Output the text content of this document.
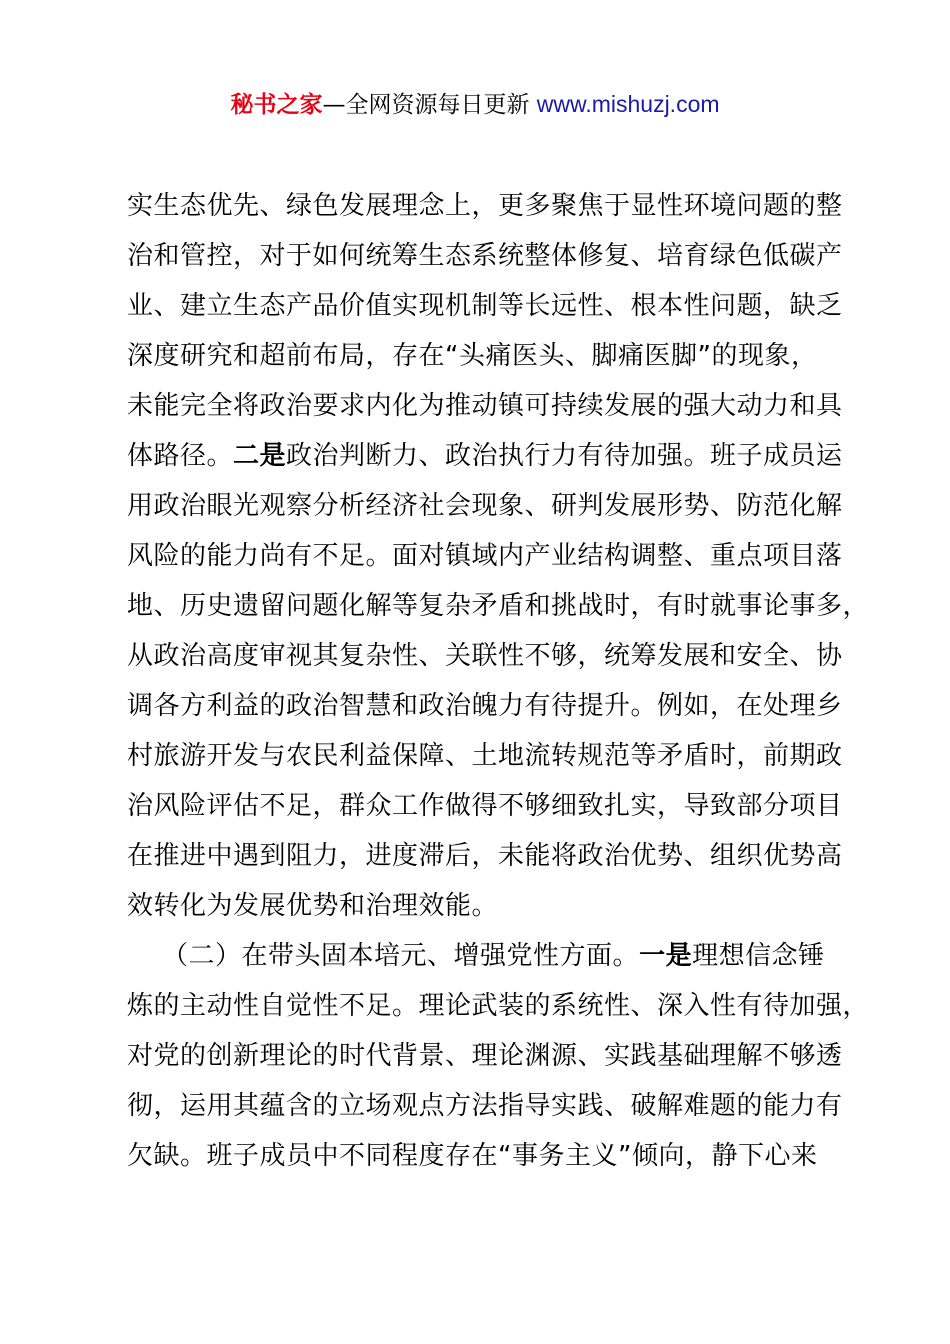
秘书之家—全网资源每日更新 www.mishuzj.com
实生态优先、绿色发展理念上，更多聚焦于显性环境问题的整
治和管控，对于如何统筹生态系统整体修复、培育绿色低碳产
业、建立生态产品价值实现机制等长远性、根本性问题，缺乏
深度研究和超前布局，存在“头痛医头、脚痛医脚”的现象，
未能完全将政治要求内化为推动镇可持续发展的强大动力和具
体路径。二是政治判断力、政治执行力有待加强。班子成员运
用政治眼光观察分析经济社会现象、研判发展形势、防范化解
风险的能力尚有不足。面对镇域内产业结构调整、重点项目落
地、历史遗留问题化解等复杂矛盾和挑战时，有时就事论事多，
从政治高度审视其复杂性、关联性不够，统筹发展和安全、协
调各方利益的政治智慧和政治魄力有待提升。例如，在处理乡
村旅游开发与农民利益保障、土地流转规范等矛盾时，前期政
治风险评估不足，群众工作做得不够细致扎实，导致部分项目
在推进中遇到阻力，进度滞后，未能将政治优势、组织优势高
效转化为发展优势和治理效能。
（二）在带头固本培元、增强党性方面。一是理想信念锤
炼的主动性自觉性不足。理论武装的系统性、深入性有待加强，
对党的创新理论的时代背景、理论渊源、实践基础理解不够透
彻，运用其蕴含的立场观点方法指导实践、破解难题的能力有
欠缺。班子成员中不同程度存在“事务主义”倾向，静下心来
